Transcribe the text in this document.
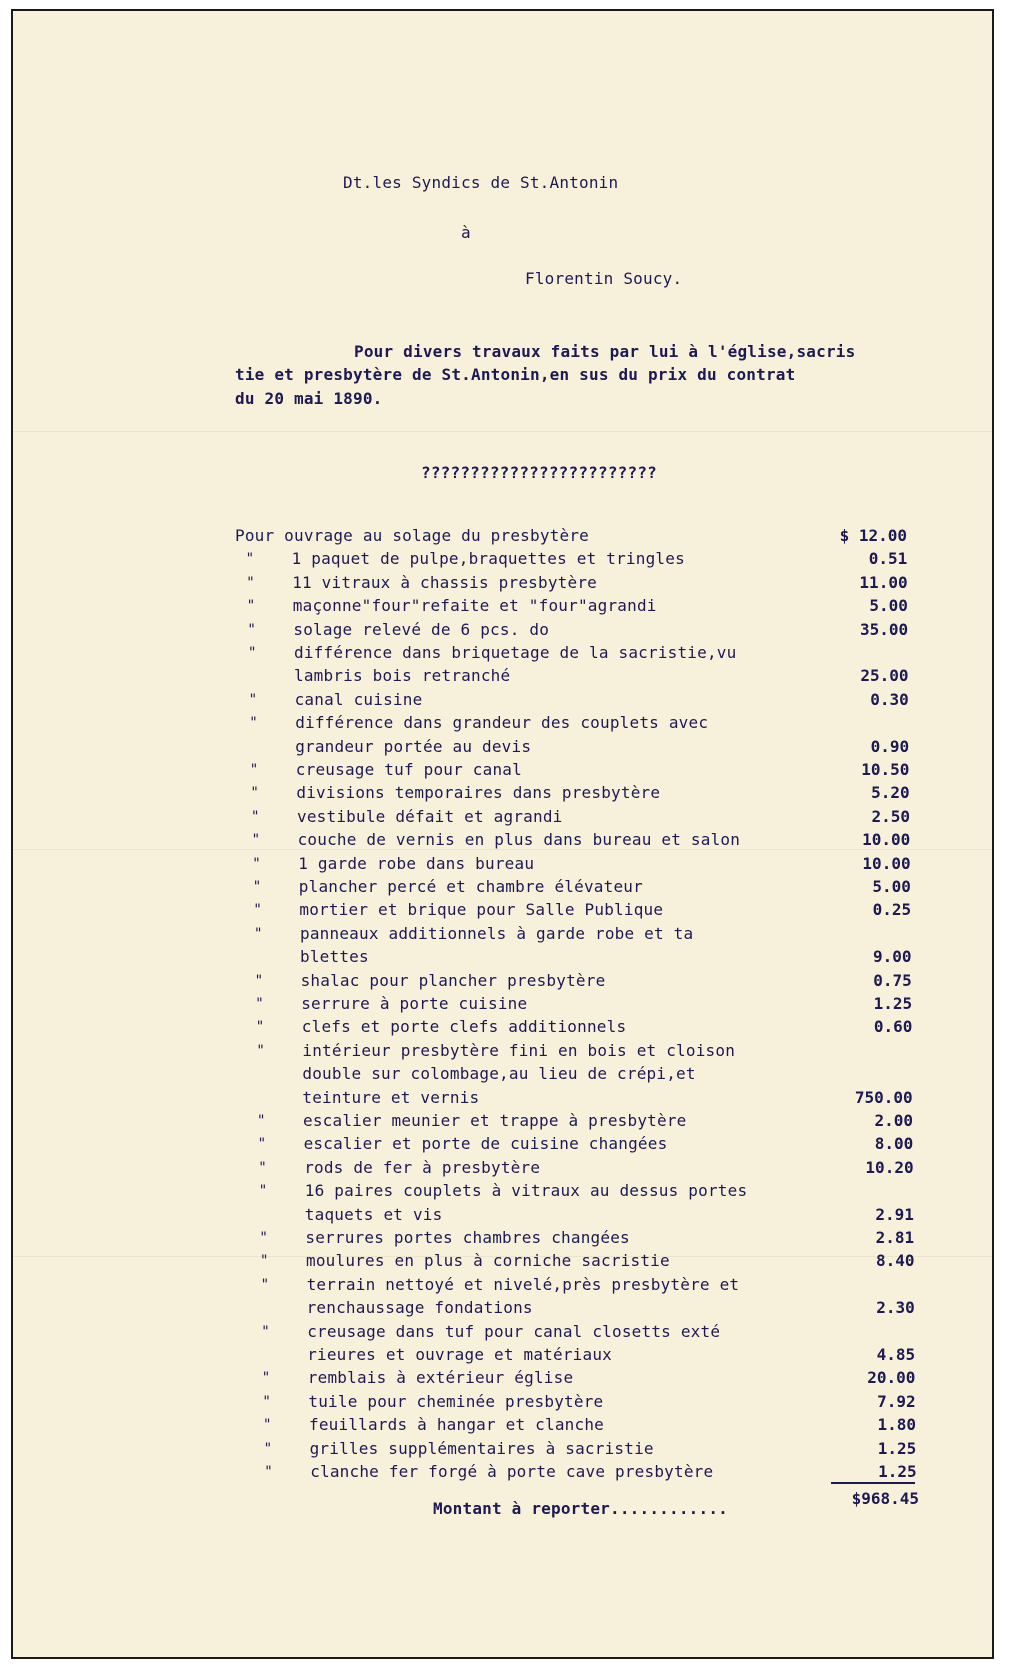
Dt.les Syndics de St.Antonin
à
Florentin Soucy.
Pour divers travaux faits par lui à l'église,sacris
tie et presbytère de St.Antonin,en sus du prix du contrat
du 20 mai 1890.
????????????????????????
Pour ouvrage au solage du presbytère	$ 12.00
" 1 paquet de pulpe,braquettes et tringles	0.51
" 11 vitraux à chassis presbytère	11.00
" maçonne"four"refaite et "four"agrandi	5.00
" solage relevé de 6 pcs. do	35.00
" différence dans briquetage de la sacristie,vu
lambris bois retranché	25.00
" canal cuisine	0.30
" différence dans grandeur des couplets avec
grandeur portée au devis	0.90
" creusage tuf pour canal	10.50
" divisions temporaires dans presbytère	5.20
" vestibule défait et agrandi	2.50
" couche de vernis en plus dans bureau et salon	10.00
" 1 garde robe dans bureau	10.00
" plancher percé et chambre élévateur	5.00
" mortier et brique pour Salle Publique	0.25
" panneaux additionnels à garde robe et ta
blettes	9.00
" shalac pour plancher presbytère	0.75
" serrure à porte cuisine	1.25
" clefs et porte clefs additionnels	0.60
" intérieur presbytère fini en bois et cloison
double sur colombage,au lieu de crépi,et
teinture et vernis	750.00
" escalier meunier et trappe à presbytère	2.00
" escalier et porte de cuisine changées	8.00
" rods de fer à presbytère	10.20
" 16 paires couplets à vitraux au dessus portes
taquets et vis	2.91
" serrures portes chambres changées	2.81
" moulures en plus à corniche sacristie	8.40
" terrain nettoyé et nivelé,près presbytère et
renchaussage fondations	2.30
" creusage dans tuf pour canal closetts exté
rieures et ouvrage et matériaux	4.85
" remblais à extérieur église	20.00
" tuile pour cheminée presbytère	7.92
" feuillards à hangar et clanche	1.80
" grilles supplémentaires à sacristie	1.25
" clanche fer forgé à porte cave presbytère	1.25
Montant à reporter............
$968.45
